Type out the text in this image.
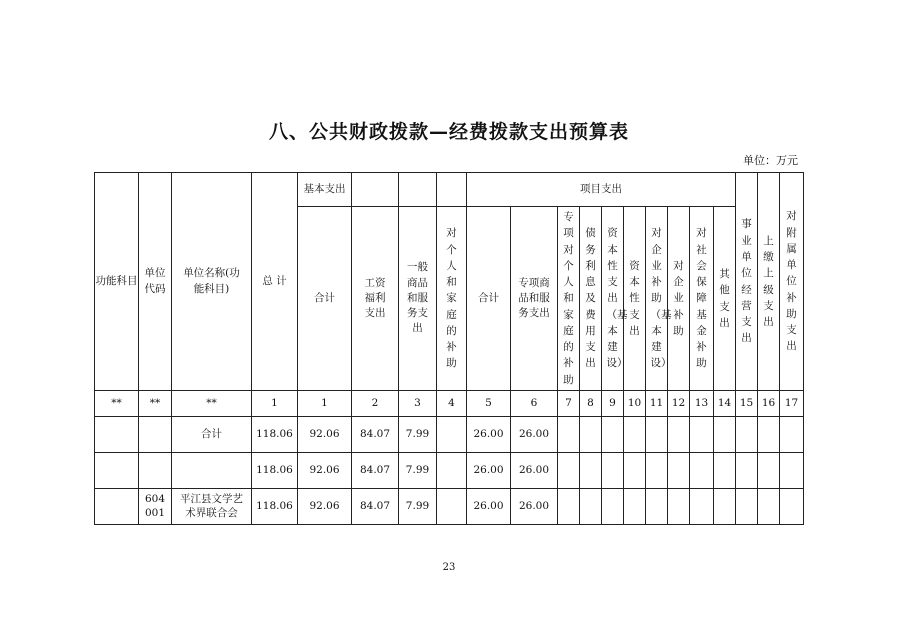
八、公共财政拨款—经费拨款支出预算表
单位：万元
功能科目	单位代码	单位名称(功能科目)	总 计	基本支出				项目支出										事业单位经营支出	上缴上级支出	对附属单位补助支出
				合计	工资福利支出	一般商品和服务支出	对个人和家庭的补助	合计	专项商品和服务支出	专项对个人和家庭的补助	债务利息及费用支出	资本性支出（基本建设）	资本性支出	对企业补助（基本建设）	对企业补助	对社会保障基金补助	其他支出			
**	**	**	1	1	2	3	4	5	6	7	8	9	10	11	12	13	14	15	16	17
		合计	118.06	92.06	84.07	7.99		26.00	26.00											
			118.06	92.06	84.07	7.99		26.00	26.00											
	604001	平江县文学艺术界联合会	118.06	92.06	84.07	7.99		26.00	26.00											
23
